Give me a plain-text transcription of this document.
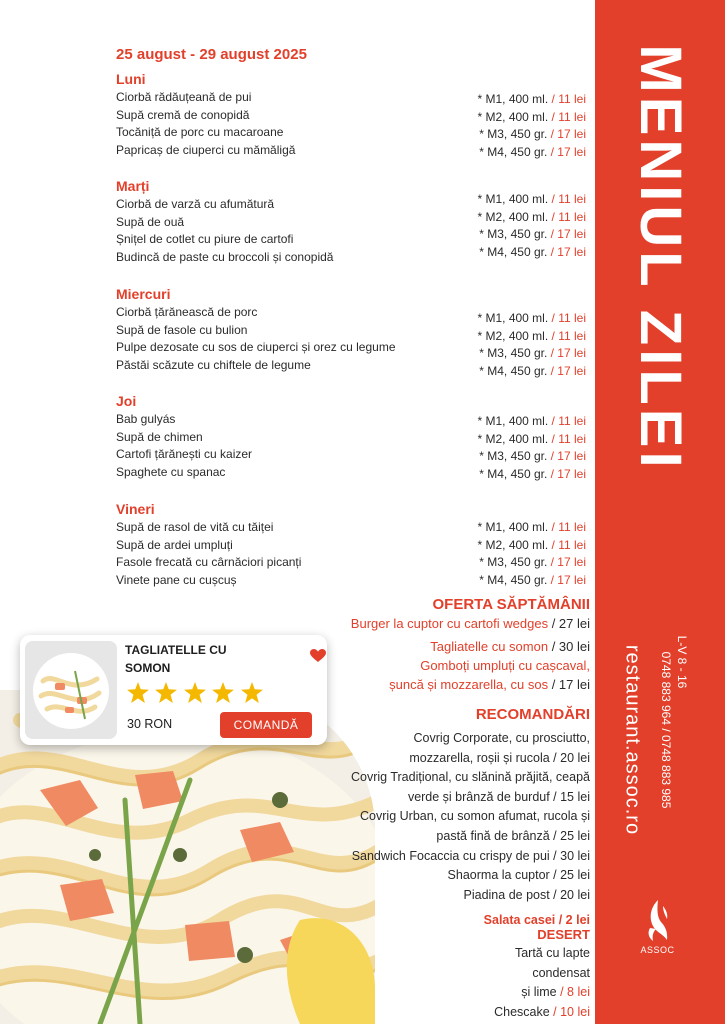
MENIUL ZILEI
restaurant.assoc.ro 0748 883 964 / 0748 883 985 L-V 8 - 16
ASSOC
25 august - 29 august 2025
Luni
Ciorbă rădăuțeană de pui
Supă cremă de conopidă
Tocăniță de porc cu macaroane
Papricaș de ciuperci cu mămăligă
* M1, 400 ml. / 11 lei
* M2, 400 ml. / 11 lei
* M3, 450 gr. / 17 lei
* M4, 450 gr. / 17 lei
Marți
Ciorbă de varză cu afumătură
Supă de ouă
Șnițel de cotlet cu piure de cartofi
Budincă de paste cu broccoli și conopidă
* M1, 400 ml. / 11 lei
* M2, 400 ml. / 11 lei
* M3, 450 gr. / 17 lei
* M4, 450 gr. / 17 lei
Miercuri
Ciorbă țărănească de porc
Supă de fasole cu bulion
Pulpe dezosate cu sos de ciuperci și orez cu legume
Păstăi scăzute cu chiftele de legume
* M1, 400 ml. / 11 lei
* M2, 400 ml. / 11 lei
* M3, 450 gr. / 17 lei
* M4, 450 gr. / 17 lei
Joi
Bab gulyás
Supă de chimen
Cartofi țărănești cu kaizer
Spaghete cu spanac
* M1, 400 ml. / 11 lei
* M2, 400 ml. / 11 lei
* M3, 450 gr. / 17 lei
* M4, 450 gr. / 17 lei
Vineri
Supă de rasol de vită cu tăiței
Supă de ardei umpluți
Fasole frecată cu cârnăciori picanți
Vinete pane cu cușcuș
* M1, 400 ml. / 11 lei
* M2, 400 ml. / 11 lei
* M3, 450 gr. / 17 lei
* M4, 450 gr. / 17 lei
TAGLIATELLE CU SOMON

30 RON	COMANDĂ
OFERTA SĂPTĂMÂNII
Burger la cuptor cu cartofi wedges / 27 lei
Tagliatelle cu somon / 30 lei
Gomboți umpluți cu cașcaval,
șuncă și mozzarella, cu sos / 17 lei
RECOMANDĂRI
Covrig Corporate, cu prosciutto,
mozzarella, roșii și rucola / 20 lei
Covrig Tradițional, cu slănină prăjită, ceapă
verde și brânză de burduf / 15 lei
Covrig Urban, cu somon afumat, rucola și
pastă fină de brânză / 25 lei
Sandwich Focaccia cu crispy de pui / 30 lei
Shaorma la cuptor / 25 lei
Piadina de post / 20 lei
Salata casei / 2 lei
DESERT
Tartă cu lapte
condensat
și lime / 8 lei
Chescake / 10 lei
